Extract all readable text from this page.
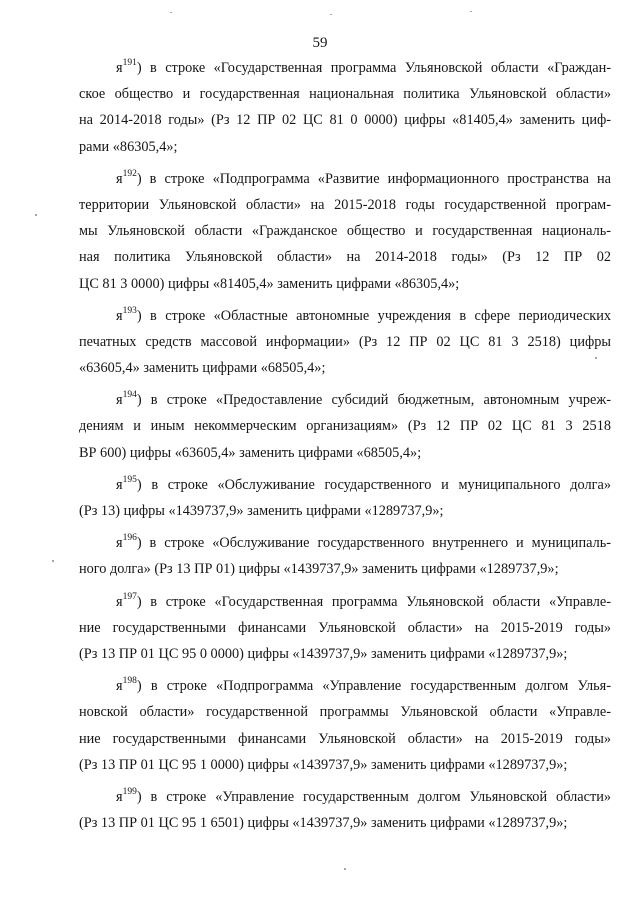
59
$я^{191}$) в строке «Государственная программа Ульяновской области «Граждан-
ское общество и государственная национальная политика Ульяновской области»
на 2014-2018 годы» (Рз 12 ПР 02 ЦС 81 0 0000) цифры «81405,4» заменить циф-
рами «86305,4»;
$я^{192}$) в строке «Подпрограмма «Развитие информационного пространства на
территории Ульяновской области» на 2015-2018 годы государственной програм-
мы Ульяновской области «Гражданское общество и государственная националь-
ная политика Ульяновской области» на 2014-2018 годы» (Рз 12 ПР 02
ЦС 81 3 0000) цифры «81405,4» заменить цифрами «86305,4»;
$я^{193}$) в строке «Областные автономные учреждения в сфере периодических
печатных средств массовой информации» (Рз 12 ПР 02 ЦС 81 3 2518) цифры
«63605,4» заменить цифрами «68505,4»;
$я^{194}$) в строке «Предоставление субсидий бюджетным, автономным учреж-
дениям и иным некоммерческим организациям» (Рз 12 ПР 02 ЦС 81 3 2518
ВР 600) цифры «63605,4» заменить цифрами «68505,4»;
$я^{195}$) в строке «Обслуживание государственного и муниципального долга»
(Рз 13) цифры «1439737,9» заменить цифрами «1289737,9»;
$я^{196}$) в строке «Обслуживание государственного внутреннего и муниципаль-
ного долга» (Рз 13 ПР 01) цифры «1439737,9» заменить цифрами «1289737,9»;
$я^{197}$) в строке «Государственная программа Ульяновской области «Управле-
ние государственными финансами Ульяновской области» на 2015-2019 годы»
(Рз 13 ПР 01 ЦС 95 0 0000) цифры «1439737,9» заменить цифрами «1289737,9»;
$я^{198}$) в строке «Подпрограмма «Управление государственным долгом Улья-
новской области» государственной программы Ульяновской области «Управле-
ние государственными финансами Ульяновской области» на 2015-2019 годы»
(Рз 13 ПР 01 ЦС 95 1 0000) цифры «1439737,9» заменить цифрами «1289737,9»;
$я^{199}$) в строке «Управление государственным долгом Ульяновской области»
(Рз 13 ПР 01 ЦС 95 1 6501) цифры «1439737,9» заменить цифрами «1289737,9»;
